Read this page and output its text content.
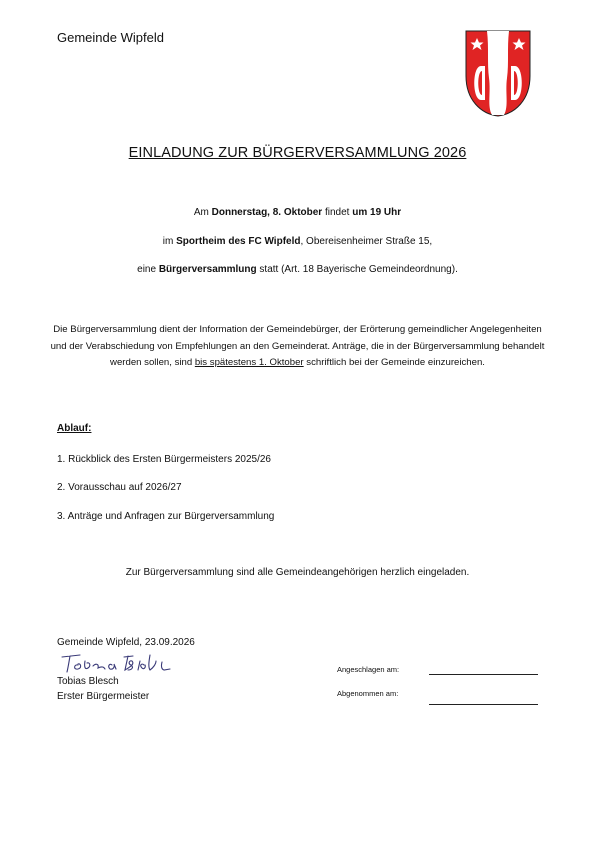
Gemeinde Wipfeld
EINLADUNG ZUR BÜRGERVERSAMMLUNG 2026
Am Donnerstag, 8. Oktober findet um 19 Uhr
im Sportheim des FC Wipfeld, Obereisenheimer Straße 15,
eine Bürgerversammlung statt (Art. 18 Bayerische Gemeindeordnung).
Die Bürgerversammlung dient der Information der Gemeindebürger, der Erörterung gemeindlicher Angelegenheiten und der Verabschiedung von Empfehlungen an den Gemeinderat. Anträge, die in der Bürgerversammlung behandelt werden sollen, sind bis spätestens 1. Oktober schriftlich bei der Gemeinde einzureichen.
Ablauf:
1. Rückblick des Ersten Bürgermeisters 2025/26
2. Vorausschau auf 2026/27
3. Anträge und Anfragen zur Bürgerversammlung
Zur Bürgerversammlung sind alle Gemeindeangehörigen herzlich eingeladen.
Gemeinde Wipfeld, 23.09.2026
Tobias Blesch
Erster Bürgermeister
Angeschlagen am:
Abgenommen am:
